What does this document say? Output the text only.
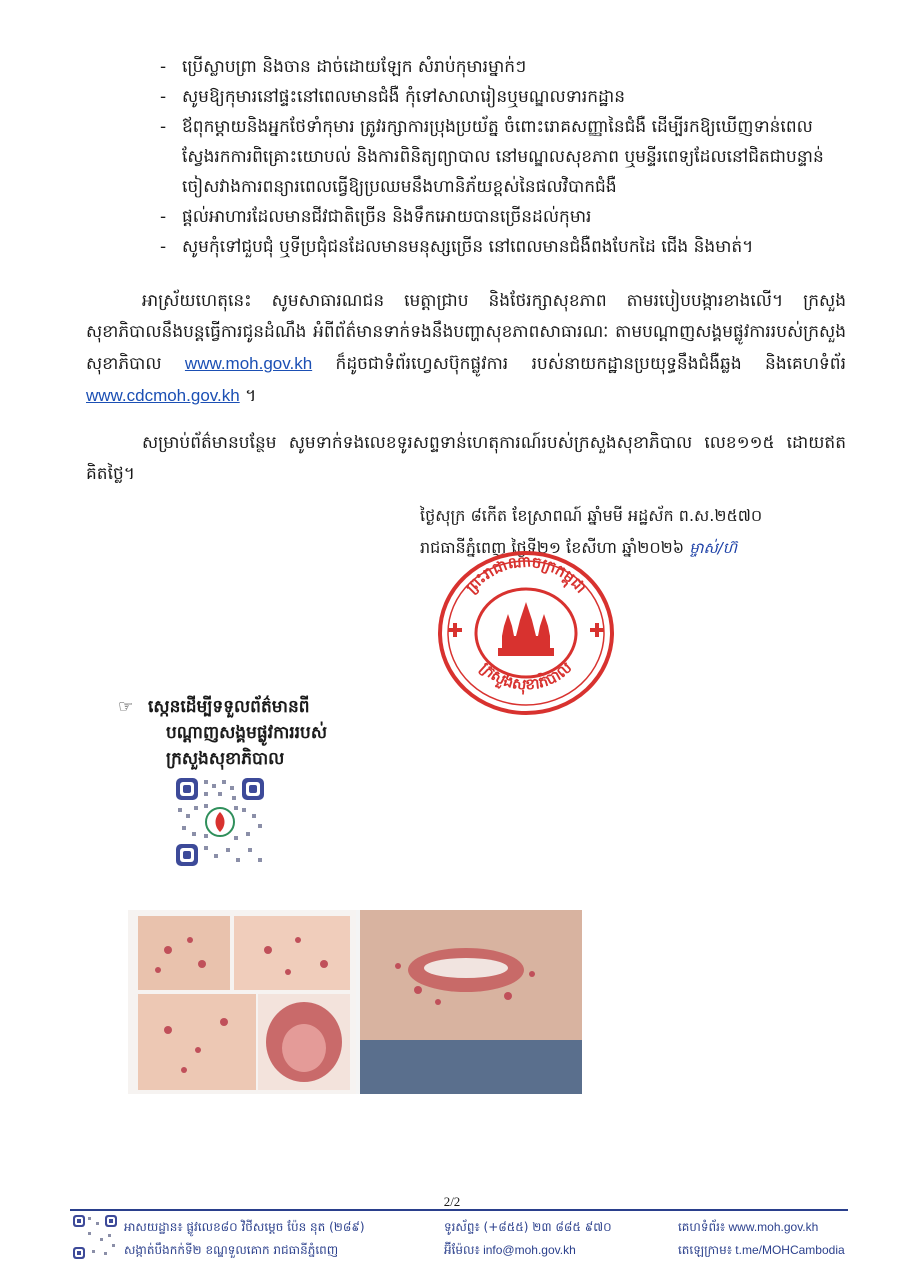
- ប្រើស្លាបព្រា និងចាន ដាច់ដោយឡែក សំរាប់កុមារម្នាក់ៗ
- សូមឱ្យកុមារនៅផ្ទះនៅពេលមានជំងឺ កុំទៅសាលារៀនឬមណ្ឌលទារកដ្ឋាន
- ឪពុកម្តាយនិងអ្នកថែទាំកុមារ ត្រូវរក្សាការប្រុងប្រយ័ត្ន ចំពោះរោគសញ្ញានៃជំងឺ ដើម្បីរកឱ្យឃើញទាន់ពេល ស្វែងរកការពិគ្រោះយោបល់ និងការពិនិត្យព្យាបាល នៅមណ្ឌលសុខភាព ឬមន្ទីរពេទ្យដែលនៅជិតជាបន្ទាន់ ចៀសវាងការពន្យារពេលធ្វើឱ្យប្រឈមនឹងហានិភ័យខ្ពស់នៃផលវិបាកជំងឺ
- ផ្តល់អាហារដែលមានជីវជាតិច្រើន និងទឹកអោយបានច្រើនដល់កុមារ
- សូមកុំទៅជួបជុំ ឬទីប្រជុំជនដែលមានមនុស្សច្រើន នៅពេលមានជំងឺពងបែកដៃ ជើង និងមាត់។
អាស្រ័យហេតុនេះ សូមសាធារណជន មេត្តាជ្រាប និងថែរក្សាសុខភាព តាមរបៀបបង្ការខាងលើ។ ក្រសួងសុខាភិបាលនឹងបន្តធ្វើការជូនដំណឹង អំពីព័ត៌មានទាក់ទងនឹងបញ្ហាសុខភាពសាធារណៈ តាមបណ្តាញសង្គមផ្លូវការរបស់ក្រសួងសុខាភិបាល www.moh.gov.kh ក៏ដូចជាទំព័រហ្វេសប៊ុកផ្លូវការ របស់នាយកដ្ឋានប្រយុទ្ធនឹងជំងឺឆ្លង និងគេហទំព័រ www.cdcmoh.gov.kh ។
សម្រាប់ព័ត៌មានបន្ថែម សូមទាក់ទងលេខទូរសព្ទទាន់ហេតុការណ៍របស់ក្រសួងសុខាភិបាល លេខ១១៥ ដោយឥតគិតថ្លៃ។
ថ្ងៃសុក្រ ៨កើត ខែស្រាពណ៍ ឆ្នាំមមី អដ្ឋស័ក ព.ស.២៥៧០
រាជធានីភ្នំពេញ ថ្ងៃទី២១ ខែសីហា ឆ្នាំ២០២៦ ម្ចាស់/ហ៊
ព្រះរាជាណាចក្រកម្ពុជា
ក្រសួងសុខាភិបាល
☞ ស្កេនដើម្បីទទួលព័ត៌មានពី
បណ្តាញសង្គមផ្លូវការរបស់
ក្រសួងសុខាភិបាល
2/2
អាសយដ្ឋាន៖ ផ្លូវលេខ៨០ វិថីសម្តេច ប៉ែន នុត (២៨៩)
សង្កាត់បឹងកក់ទី២ ខណ្ឌទួលគោក រាជធានីភ្នំពេញ
ទូរស័ព្ទ៖ (+៨៥៥) ២៣ ៨៨៥ ៩៧០
អ៊ីម៉ែល៖ info@moh.gov.kh
គេហទំព័រ៖ www.moh.gov.kh
តេឡេក្រាម៖ t.me/MOHCambodia
